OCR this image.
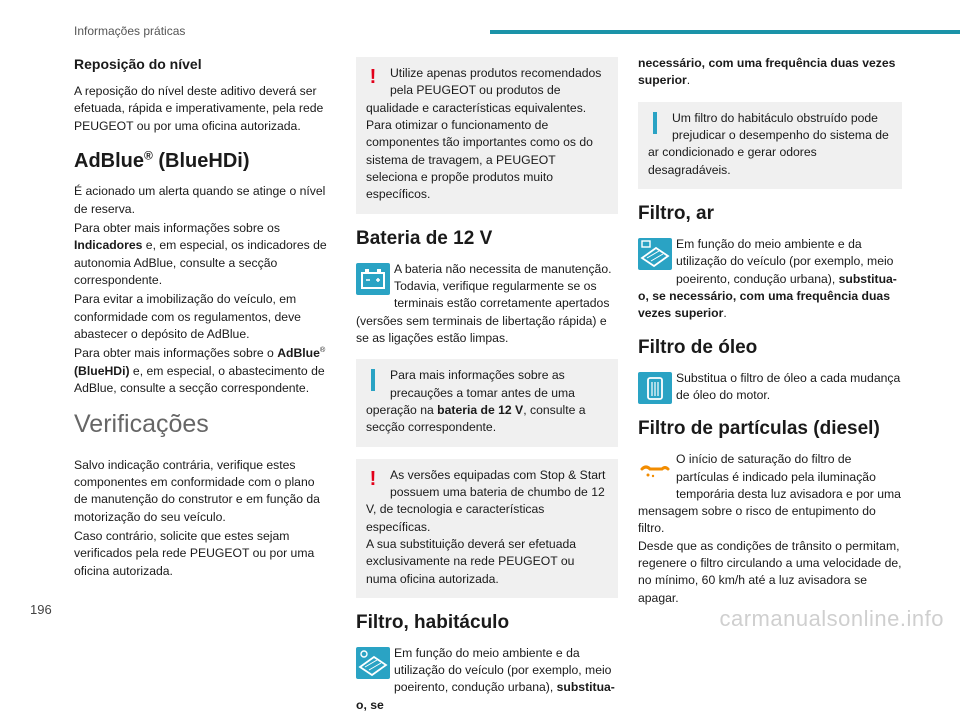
Informações práticas
Reposição do nível

A reposição do nível deste aditivo deverá ser efetuada, rápida e imperativamente, pela rede PEUGEOT ou por uma oficina autorizada.

AdBlue® (BlueHDi)

É acionado um alerta quando se atinge o nível de reserva.

Para obter mais informações sobre os Indicadores e, em especial, os indicadores de autonomia AdBlue, consulte a secção correspondente.

Para evitar a imobilização do veículo, em conformidade com os regulamentos, deve abastecer o depósito de AdBlue.

Para obter mais informações sobre o AdBlue® (BlueHDi) e, em especial, o abastecimento de AdBlue, consulte a secção correspondente.

Verificações

Salvo indicação contrária, verifique estes componentes em conformidade com o plano de manutenção do construtor e em função da motorização do seu veículo.

Caso contrário, solicite que estes sejam verificados pela rede PEUGEOT ou por uma oficina autorizada.

!	Utilize apenas produtos recomendados pela PEUGEOT ou produtos de qualidade e características equivalentes. Para otimizar o funcionamento de componentes tão importantes como os do sistema de travagem, a PEUGEOT seleciona e propõe produtos muito específicos.
Bateria de 12 V
A bateria não necessita de manutenção. Todavia, verifique regularmente se os terminais estão corretamente apertados (versões sem terminais de libertação rápida) e se as ligações estão limpas.
Para mais informações sobre as precauções a tomar antes de uma operação na bateria de 12 V, consulte a secção correspondente.
!	As versões equipadas com Stop & Start possuem uma bateria de chumbo de 12 V, de tecnologia e características específicas.
A sua substituição deverá ser efetuada exclusivamente na rede PEUGEOT ou numa oficina autorizada.
Filtro, habitáculo
Em função do meio ambiente e da utilização do veículo (por exemplo, meio poeirento, condução urbana), substitua-o, se

necessário, com uma frequência duas vezes superior.

Um filtro do habitáculo obstruído pode prejudicar o desempenho do sistema de ar condicionado e gerar odores desagradáveis.
Filtro, ar
Em função do meio ambiente e da utilização do veículo (por exemplo, meio poeirento, condução urbana), substitua-o, se necessário, com uma frequência duas vezes superior.
Filtro de óleo
Substitua o filtro de óleo a cada mudança de óleo do motor.
Filtro de partículas (diesel)
O início de saturação do filtro de partículas é indicado pela iluminação temporária desta luz avisadora e por uma mensagem sobre o risco de entupimento do filtro.
Desde que as condições de trânsito o permitam, regenere o filtro circulando a uma velocidade de, no mínimo, 60 km/h até a luz avisadora se apagar.
196	carmanualsonline.info
